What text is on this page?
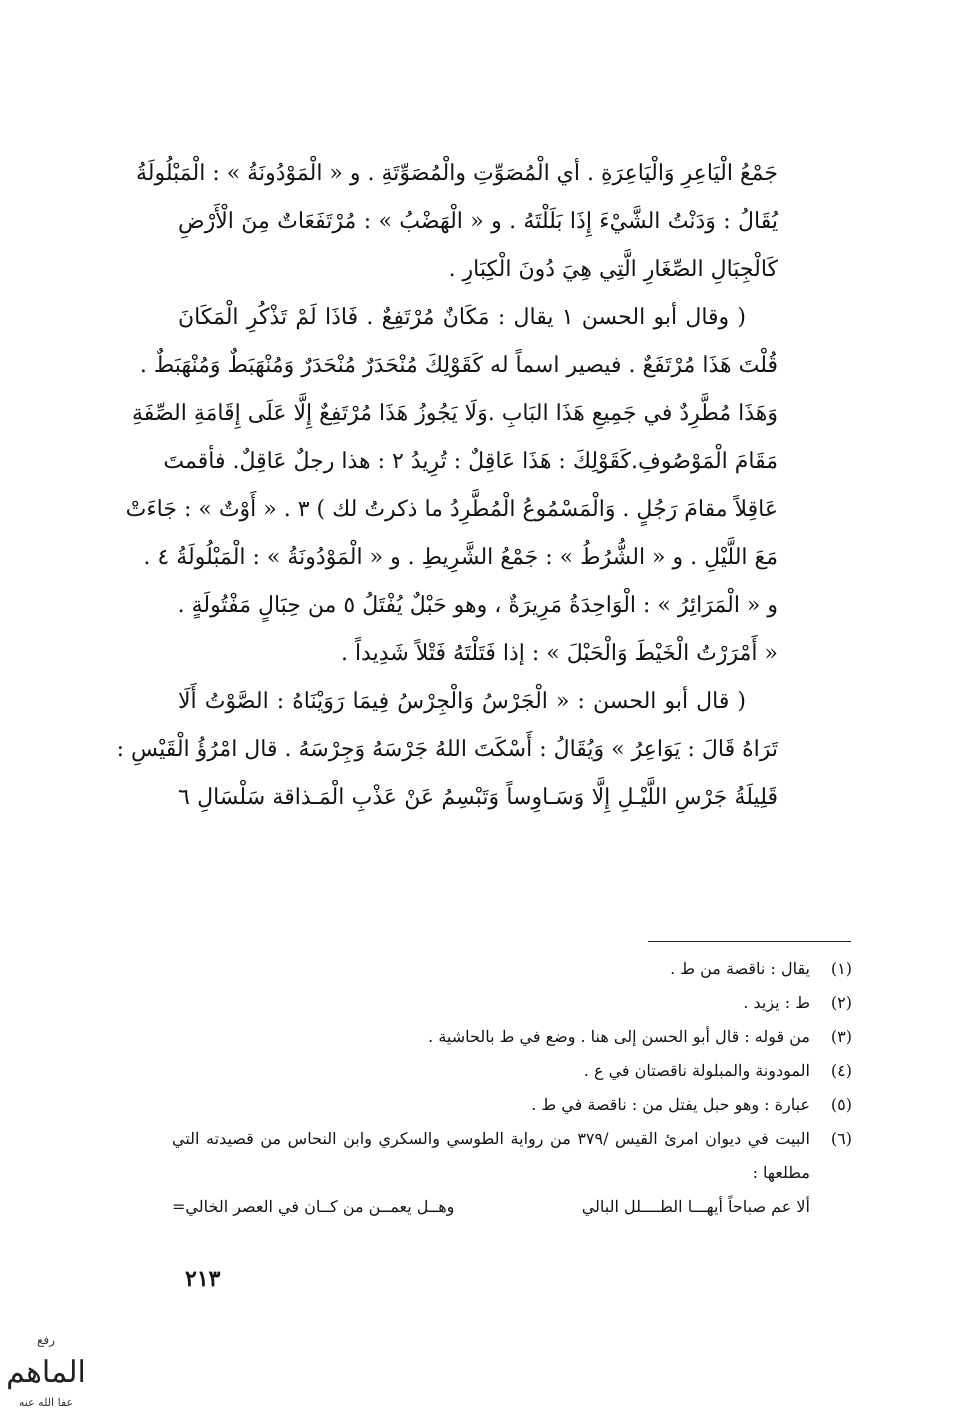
جَمْعُ الْيَاعِرِ وَالْيَاعِرَةِ . أي الْمُصَوِّتِ والْمُصَوِّتَةِ . و « الْمَوْدُونَةُ » : الْمَبْلُولَةُ
يُقَالُ : وَدَنْتُ الشَّيْءَ إِذَا بَلَلْتَهُ . و « الْهَضْبُ » : مُرْتَفَعَاتٌ مِنَ الْأَرْضِ
كَالْجِبَالِ الصِّغَارِ الَّتِي هِيَ دُونَ الْكِبَارِ .
( وقال أبو الحسن ١ يقال : مَكَانٌ مُرْتَفِعٌ . فَاذَا لَمْ تَذْكُرِ الْمَكَانَ
قُلْتَ هَذَا مُرْتَفَعٌ . فيصير اسماً له كَقَوْلِكَ مُنْحَدَرٌ مُنْحَدَرٌ وَمُنْهَبَطٌ وَمُنْهَبَطٌ .
وَهَذَا مُطَّرِدٌ في جَمِيعِ هَذَا البَابِ .وَلَا يَجُوزُ هَذَا مُرْتَفِعٌ إِلَّا عَلَى إِقَامَةِ الصِّفَةِ
مَقَامَ الْمَوْصُوفِ.كَقَوْلِكَ : هَذَا عَاقِلٌ : تُرِيدُ ٢ : هذا رجلٌ عَاقِلٌ. فأقمتَ
عَاقِلاً مقامَ رَجُلٍ . وَالْمَسْمُوعُ الْمُطَّرِدُ ما ذكرتُ لك ) ٣ . « أَوْتٌ » : جَاءَتْ
مَعَ اللَّيْلِ . و « الشُّرُطُ » : جَمْعُ الشَّرِيطِ . و « الْمَوْدُونَةُ » : الْمَبْلُولَةُ ٤ .
و « الْمَرَائِرُ » : الْوَاحِدَةُ مَرِيرَةٌ ، وهو حَبْلٌ يُفْتَلُ ٥ من حِبَالٍ مَفْتُولَةٍ .
« أَمْرَرْتُ الْخَيْطَ وَالْحَبْلَ » : إذا فَتَلْتَهُ فَتْلاً شَدِيداً .
( قال أبو الحسن : « الْجَرْسُ وَالْجِرْسُ فِيمَا رَوَيْنَاهُ : الصَّوْتُ أَلَا
تَرَاهُ قَالَ : يَوَاعِرُ » وَيُقَالُ : أَسْكَتَ اللهُ جَرْسَهُ وَجِرْسَهُ . قال امْرُؤُ الْقَيْسِ :
قَلِيلَةُ جَرْسِ اللَّيْـلِ إِلَّا وَسَـاوِساً وَتَبْسِمُ عَنْ عَذْبِ الْمَـذاقة سَلْسَالِ ٦
(١)
يقال : ناقصة من ط .
(٢)
ط : يزيد .
(٣)
من قوله : قال أبو الحسن إلى هنا . وضع في ط بالحاشية .
(٤)
المودونة والمبلولة ناقصتان في ع .
(٥)
عبارة : وهو حبل يفتل من : ناقصة في ط .
(٦)
البيت في ديوان امرئ القيس /٣٧٩ من رواية الطوسي والسكري وابن النحاس من قصيدته التي مطلعها :
ألا عم صباحاً أيهـــا الطــــلل البالي
وهــل يعمــن من كــان في العصر الخالي=
٢١٣
رفع
الماهم
عفا الله عنه
